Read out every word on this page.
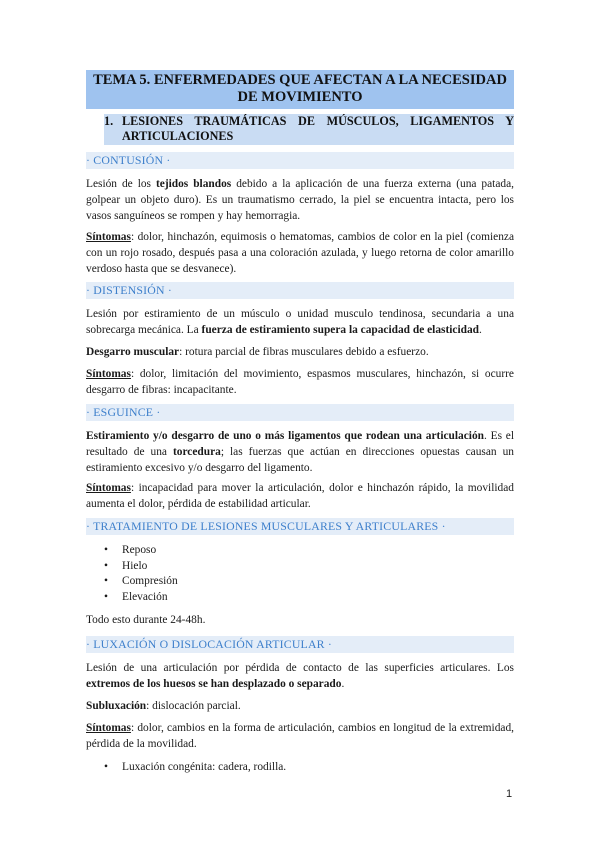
TEMA 5. ENFERMEDADES QUE AFECTAN A LA NECESIDAD DE MOVIMIENTO
1. LESIONES TRAUMÁTICAS DE MÚSCULOS, LIGAMENTOS Y ARTICULACIONES
· CONTUSIÓN ·
Lesión de los tejidos blandos debido a la aplicación de una fuerza externa (una patada, golpear un objeto duro). Es un traumatismo cerrado, la piel se encuentra intacta, pero los vasos sanguíneos se rompen y hay hemorragia.
Síntomas: dolor, hinchazón, equimosis o hematomas, cambios de color en la piel (comienza con un rojo rosado, después pasa a una coloración azulada, y luego retorna de color amarillo verdoso hasta que se desvanece).
· DISTENSIÓN ·
Lesión por estiramiento de un músculo o unidad musculo tendinosa, secundaria a una sobrecarga mecánica. La fuerza de estiramiento supera la capacidad de elasticidad.
Desgarro muscular: rotura parcial de fibras musculares debido a esfuerzo.
Síntomas: dolor, limitación del movimiento, espasmos musculares, hinchazón, si ocurre desgarro de fibras: incapacitante.
· ESGUINCE ·
Estiramiento y/o desgarro de uno o más ligamentos que rodean una articulación. Es el resultado de una torcedura; las fuerzas que actúan en direcciones opuestas causan un estiramiento excesivo y/o desgarro del ligamento.
Síntomas: incapacidad para mover la articulación, dolor e hinchazón rápido, la movilidad aumenta el dolor, pérdida de estabilidad articular.
· TRATAMIENTO DE LESIONES MUSCULARES Y ARTICULARES ·
• Reposo
• Hielo
• Compresión
• Elevación
Todo esto durante 24-48h.
· LUXACIÓN O DISLOCACIÓN ARTICULAR ·
Lesión de una articulación por pérdida de contacto de las superficies articulares. Los extremos de los huesos se han desplazado o separado.
Subluxación: dislocación parcial.
Síntomas: dolor, cambios en la forma de articulación, cambios en longitud de la extremidad, pérdida de la movilidad.
• Luxación congénita: cadera, rodilla.
1
